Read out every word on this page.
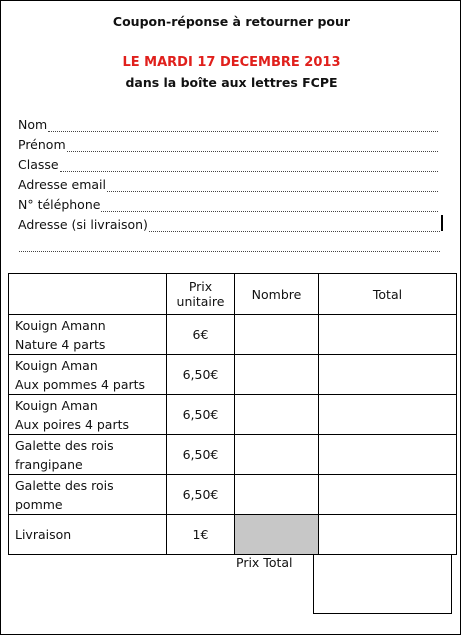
Coupon-réponse à retourner pour
LE MARDI 17 DECEMBRE 2013
dans la boîte aux lettres FCPE
Nom
Prénom
Classe
Adresse email
N° téléphone
Adresse (si livraison)
	Prix unitaire	Nombre	Total
Kouign Amann
Nature 4 parts	6€		
Kouign Aman
Aux pommes 4 parts	6,50€		
Kouign Aman
Aux poires 4 parts	6,50€		
Galette des rois
frangipane	6,50€		
Galette des rois
pomme	6,50€		
Livraison	1€		
Prix Total
